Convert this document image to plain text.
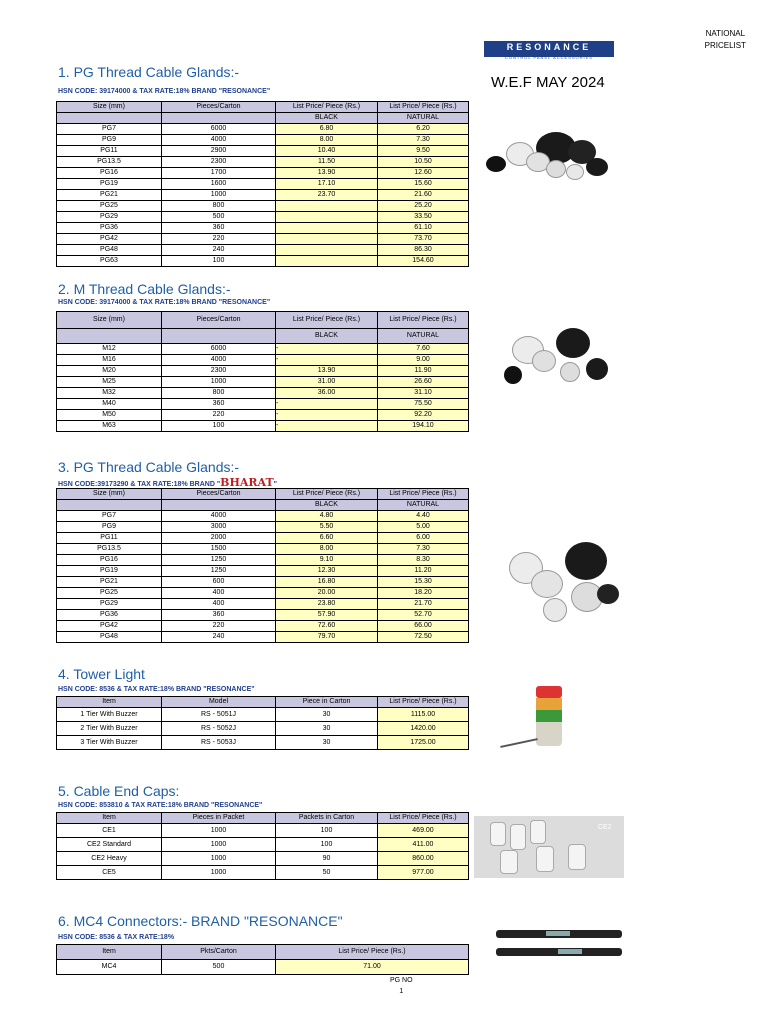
NATIONAL
PRICELIST
RESONANCE
CONTROL PANEL ACCESSORIES
W.E.F MAY 2024
1. PG Thread Cable Glands:-
HSN CODE: 39174000 & TAX RATE:18% BRAND "RESONANCE"
Size (mm)	Pieces/Carton	List Price/ Piece (Rs.)	List Price/ Piece (Rs.)
		BLACK	NATURAL
PG7	6000	6.80	6.20
PG9	4000	8.00	7.30
PG11	2900	10.40	9.50
PG13.5	2300	11.50	10.50
PG16	1700	13.90	12.60
PG19	1600	17.10	15.60
PG21	1000	23.70	21.60
PG25	800		25.20
PG29	500		33.50
PG36	360		61.10
PG42	220		73.70
PG48	240		86.30
PG63	100		154.60
2. M Thread Cable Glands:-
HSN CODE: 39174000 & TAX RATE:18% BRAND "RESONANCE"
Size (mm)	Pieces/Carton	List Price/ Piece (Rs.)	List Price/ Piece (Rs.)
		BLACK	NATURAL
M12	6000	-	7.60
M16	4000	-	9.00
M20	2300	13.90	11.90
M25	1000	31.00	26.60
M32	800	36.00	31.10
M40	360	-	75.50
M50	220	-	92.20
M63	100	-	194.10
3. PG Thread Cable Glands:-
HSN CODE:39173290 & TAX RATE:18% BRAND "BHARAT"
Size (mm)	Pieces/Carton	List Price/ Piece (Rs.)	List Price/ Piece (Rs.)
		BLACK	NATURAL
PG7	4000	4.80	4.40
PG9	3000	5.50	5.00
PG11	2000	6.60	6.00
PG13.5	1500	8.00	7.30
PG16	1250	9.10	8.30
PG19	1250	12.30	11.20
PG21	600	16.80	15.30
PG25	400	20.00	18.20
PG29	400	23.80	21.70
PG36	360	57.90	52.70
PG42	220	72.60	66.00
PG48	240	79.70	72.50
4. Tower Light
HSN CODE: 8536 & TAX RATE:18% BRAND "RESONANCE"
Item	Model	Piece in Carton	List Price/ Piece (Rs.)
1 Tier With Buzzer	RS - 5051J	30	1115.00
2 Tier With Buzzer	RS - 5052J	30	1420.00
3 Tier With Buzzer	RS - 5053J	30	1725.00
5. Cable End Caps:
HSN CODE: 853810 & TAX RATE:18% BRAND "RESONANCE"
Item	Pieces in Packet	Packets in Carton	List Price/ Piece (Rs.)
CE1	1000	100	469.00
CE2 Standard	1000	100	411.00
CE2 Heavy	1000	90	860.00
CE5	1000	50	977.00
6. MC4 Connectors:- BRAND "RESONANCE"
HSN CODE: 8536 & TAX RATE:18%
Item	Pkts/Carton	List Price/ Piece (Rs.)
MC4	500	71.00
PG NO
1
CE2
